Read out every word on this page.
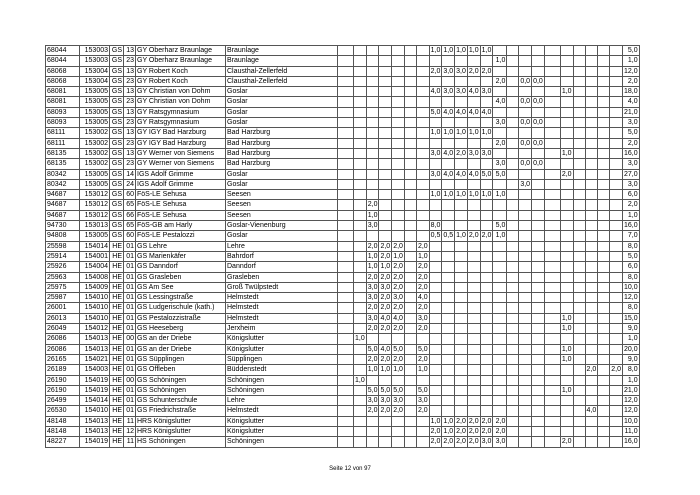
68044	153003	GS	13	GY Oberharz Braunlage	Braunlage								1,0	1,0	1,0	1,0	1,0											5,0
68044	153003	GS	23	GY Oberharz Braunlage	Braunlage													1,0										1,0
68068	153004	GS	13	GY Robert Koch	Clausthal-Zellerfeld								2,0	3,0	3,0	2,0	2,0											12,0
68068	153004	GS	23	GY Robert Koch	Clausthal-Zellerfeld													2,0		0,0	0,0							2,0
68081	153005	GS	13	GY Christian von Dohm	Goslar								4,0	3,0	3,0	4,0	3,0						1,0					18,0
68081	153005	GS	23	GY Christian von Dohm	Goslar													4,0		0,0	0,0							4,0
68093	153005	GS	13	GY Ratsgymnasium	Goslar								5,0	4,0	4,0	4,0	4,0											21,0
68093	153005	GS	23	GY Ratsgymnasium	Goslar													3,0		0,0	0,0							3,0
68111	153002	GS	13	GY IGY Bad Harzburg	Bad Harzburg								1,0	1,0	1,0	1,0	1,0											5,0
68111	153002	GS	23	GY IGY Bad Harzburg	Bad Harzburg													2,0		0,0	0,0							2,0
68135	153002	GS	13	GY Werner von Siemens	Bad Harzburg								3,0	4,0	2,0	3,0	3,0						1,0					16,0
68135	153002	GS	23	GY Werner von Siemens	Bad Harzburg													3,0		0,0	0,0							3,0
80342	153005	GS	14	IGS Adolf Grimme	Goslar								3,0	4,0	4,0	4,0	5,0	5,0					2,0					27,0
80342	153005	GS	24	IGS Adolf Grimme	Goslar															3,0								3,0
94687	153012	GS	60	FöS-LE Sehusa	Seesen								1,0	1,0	1,0	1,0	1,0	1,0										6,0
94687	153012	GS	65	FöS-LE Sehusa	Seesen			2,0																				2,0
94687	153012	GS	66	FöS-LE Sehusa	Seesen			1,0																				1,0
94730	153013	GS	65	FöS-GB am Harly	Goslar-Vienenburg			3,0					8,0					5,0										16,0
94808	153005	GS	60	FöS-LE Pestalozzi	Goslar								0,5	0,5	1,0	2,0	2,0	1,0										7,0
25598	154014	HE	01	GS Lehre	Lehre			2,0	2,0	2,0		2,0																8,0
25914	154001	HE	01	GS Marienkäfer	Bahrdorf			1,0	2,0	1,0		1,0																5,0
25926	154004	HE	01	GS Danndorf	Danndorf			1,0	1,0	2,0		2,0																6,0
25963	154008	HE	01	GS Grasleben	Grasleben			2,0	2,0	2,0		2,0																8,0
25975	154009	HE	01	GS Am See	Groß Twülpstedt			3,0	3,0	2,0		2,0																10,0
25987	154010	HE	01	GS Lessingstraße	Helmstedt			3,0	2,0	3,0		4,0																12,0
26001	154010	HE	01	GS Ludgerischule (kath.)	Helmstedt			2,0	2,0	2,0		2,0																8,0
26013	154010	HE	01	GS Pestalozzistraße	Helmstedt			3,0	4,0	4,0		3,0											1,0					15,0
26049	154012	HE	01	GS Heeseberg	Jerxheim			2,0	2,0	2,0		2,0											1,0					9,0
26086	154013	HE	00	GS an der Driebe	Königslutter		1,0																					1,0
26086	154013	HE	01	GS an der Driebe	Königslutter			5,0	4,0	5,0		5,0											1,0					20,0
26165	154021	HE	01	GS Süpplingen	Süpplingen			2,0	2,0	2,0		2,0											1,0					9,0
26189	154003	HE	01	GS Offleben	Büddenstedt			1,0	1,0	1,0		1,0													2,0		2,0	8,0
26190	154019	HE	00	GS Schöningen	Schöningen		1,0																					1,0
26190	154019	HE	01	GS Schöningen	Schöningen			5,0	5,0	5,0		5,0											1,0					21,0
26499	154014	HE	01	GS Schunterschule	Lehre			3,0	3,0	3,0		3,0																12,0
26530	154010	HE	01	GS Friedrichstraße	Helmstedt			2,0	2,0	2,0		2,0													4,0			12,0
48148	154013	HE	11	HRS Königslutter	Königslutter								1,0	1,0	2,0	2,0	2,0	2,0										10,0
48148	154013	HE	12	HRS Königslutter	Königslutter								2,0	1,0	2,0	2,0	2,0	2,0										11,0
48227	154019	HE	11	HS Schöningen	Schöningen								2,0	2,0	2,0	2,0	3,0	3,0					2,0					16,0
Seite 12 von 97
